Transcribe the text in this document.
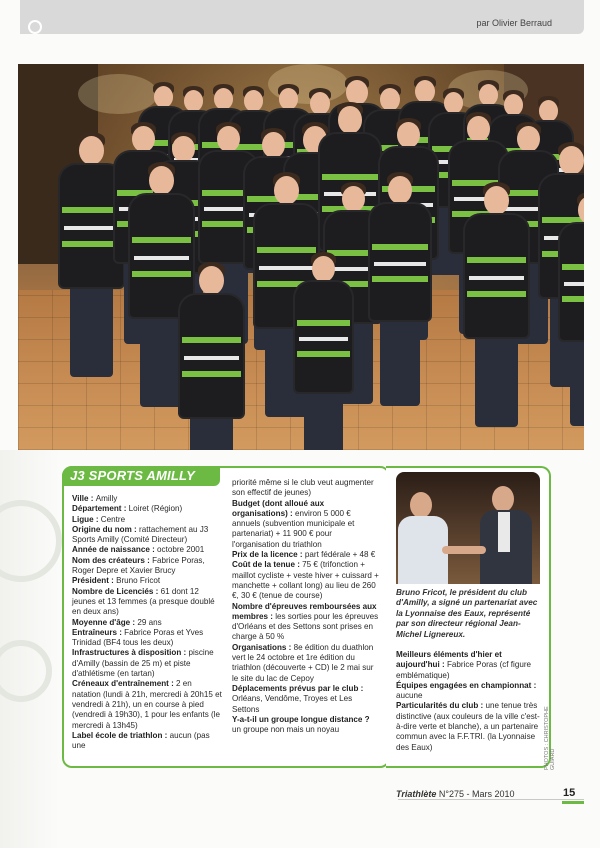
par Olivier Berraud
J3 SPORTS AMILLY

Ville : Amilly

Département : Loiret (Région)

Ligue : Centre

Origine du nom : rattachement au J3 Sports Amilly (Comité Directeur)

Année de naissance : octobre 2001

Nom des créateurs : Fabrice Poras, Roger Depre et Xavier Brucy

Président : Bruno Fricot

Nombre de Licenciés : 61 dont 12 jeunes et 13 femmes (a presque doublé en deux ans)

Moyenne d'âge : 29 ans

Entraîneurs : Fabrice Poras et Yves Trinidad (BF4 tous les deux)

Infrastructures à disposition : piscine d'Amilly (bassin de 25 m) et piste d'athlétisme (en tartan)

Créneaux d'entraînement : 2 en natation (lundi à 21h, mercredi à 20h15 et vendredi à 21h), un en course à pied (vendredi à 19h30), 1 pour les enfants (le mercredi à 13h45)

Label école de triathlon : aucun (pas une

priorité même si le club veut augmenter son effectif de jeunes)

Budget (dont alloué aux organisations) : environ 5 000 € annuels (subvention municipale et partenariat) + 11 900 € pour l'organisation du triathlon

Prix de la licence : part fédérale + 48 €

Coût de la tenue : 75 € (trifonction + maillot cycliste + veste hiver + cuissard + manchette + collant long) au lieu de 260 €, 30 € (tenue de course)

Nombre d'épreuves remboursées aux membres : les sorties pour les épreuves d'Orléans et des Settons sont prises en charge à 50 %

Organisations : 8e édition du duathlon vert le 24 octobre et 1re édition du triathlon (découverte + CD) le 2 mai sur le site du lac de Cepoy

Déplacements prévus par le club : Orléans, Vendôme, Troyes et Les Settons

Y-a-t-il un groupe longue distance ? un groupe non mais un noyau

Bruno Fricot, le président du club d'Amilly, a signé un partenariat avec la Lyonnaise des Eaux, représenté par son directeur régional Jean-Michel Lignereux.

Meilleurs éléments d'hier et aujourd'hui : Fabrice Poras (cf figure emblématique)

Équipes engagées en championnat : aucune

Particularités du club : une tenue très distinctive (aux couleurs de la ville c'est-à-dire verte et blanche), a un partenaire commun avec la F.F.TRI. (la Lyonnaise des Eaux)	PHOTOS : CHRISTOPHE GUIARD
Triathlète N°275 - Mars 2010	15
